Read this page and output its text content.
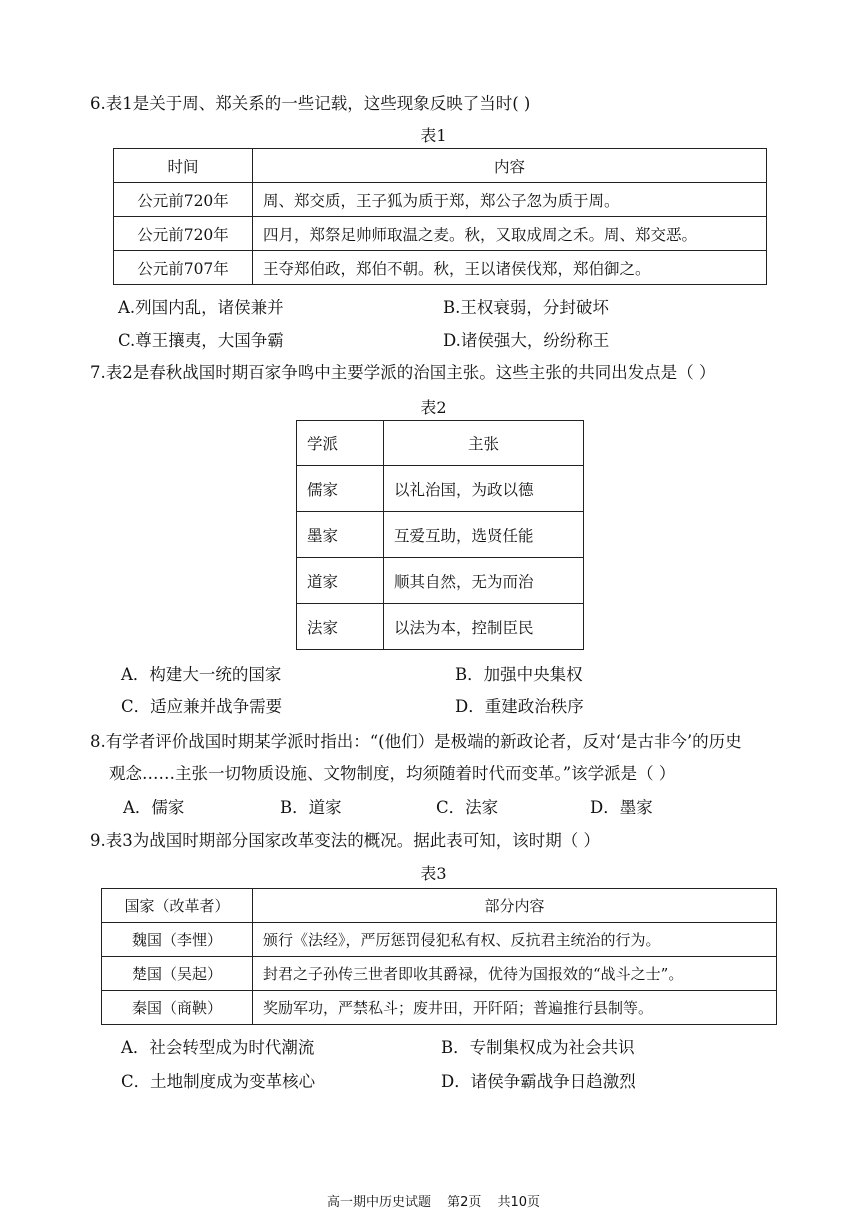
6.表1是关于周、郑关系的一些记载，这些现象反映了当时( )
表1
时间	内容
公元前720年	周、郑交质，王子狐为质于郑，郑公子忽为质于周。
公元前720年	四月，郑祭足帅师取温之麦。秋，又取成周之禾。周、郑交恶。
公元前707年	王夺郑伯政，郑伯不朝。秋，王以诸侯伐郑，郑伯御之。
A.列国内乱，诸侯兼并	B.王权衰弱，分封破坏
C.尊王攘夷，大国争霸	D.诸侯强大，纷纷称王
7.表2是春秋战国时期百家争鸣中主要学派的治国主张。这些主张的共同出发点是（ ）
表2
学派	主张
儒家	以礼治国，为政以德
墨家	互爱互助，选贤任能
道家	顺其自然，无为而治
法家	以法为本，控制臣民
A．构建大一统的国家	B．加强中央集权
C．适应兼并战争需要	D．重建政治秩序
8.有学者评价战国时期某学派时指出：“(他们）是极端的新政论者，反对‘是古非今’的历史
观念……主张一切物质设施、文物制度，均须随着时代而变革。”该学派是（ ）
A．儒家	B．道家	C．法家	D．墨家
9.表3为战国时期部分国家改革变法的概况。据此表可知，该时期（ ）
表3
国家（改革者）	部分内容
魏国（李悝）	颁行《法经》，严厉惩罚侵犯私有权、反抗君主统治的行为。
楚国（吴起）	封君之子孙传三世者即收其爵禄，优待为国报效的“战斗之士”。
秦国（商鞅）	奖励军功，严禁私斗；废井田，开阡陌；普遍推行县制等。
A．社会转型成为时代潮流	B．专制集权成为社会共识
C．土地制度成为变革核心	D．诸侯争霸战争日趋激烈
高一期中历史试题 第2页 共10页
